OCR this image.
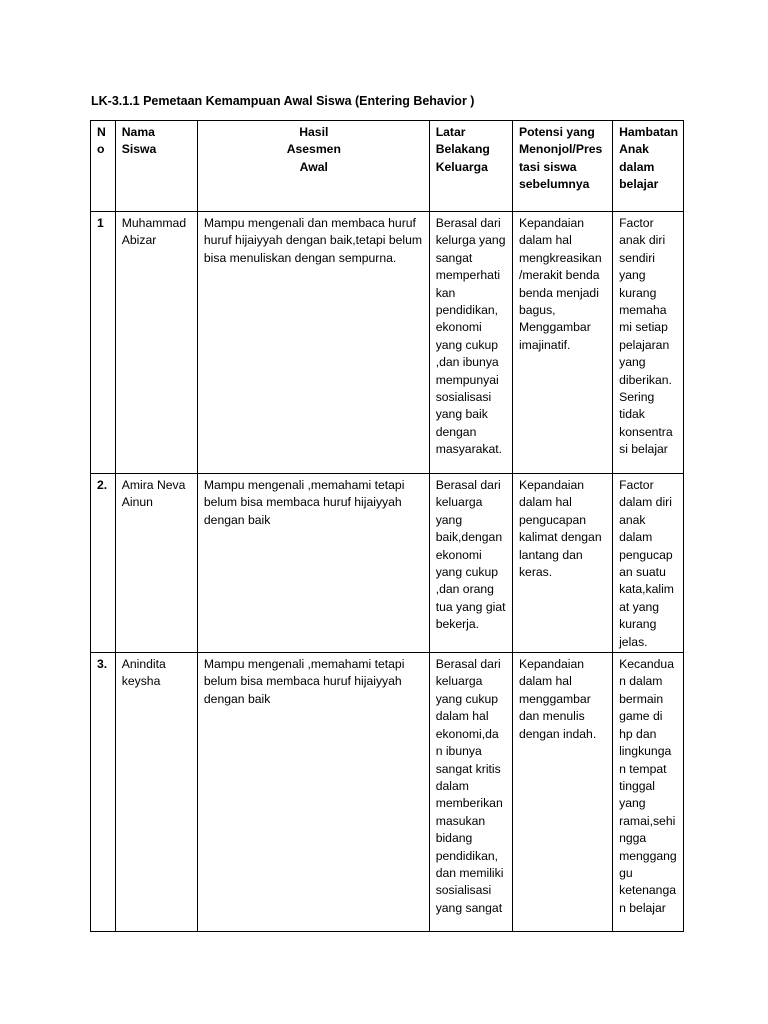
LK-3.1.1 Pemetaan Kemampuan Awal Siswa (Entering Behavior )
No	Nama Siswa	Hasil
Asesmen
Awal	Latar
Belakang
Keluarga	Potensi yang
Menonjol/Pres
tasi siswa
sebelumnya	Hambatan
Anak
dalam
belajar
1	Muhammad Abizar	Mampu mengenali dan membaca huruf huruf hijaiyyah dengan baik,tetapi belum bisa menuliskan dengan sempurna.	Berasal dari kelurga yang sangat memperhati kan pendidikan, ekonomi yang cukup ,dan ibunya mempunyai sosialisasi yang baik dengan masyarakat.	Kepandaian dalam hal mengkreasikan /merakit benda benda menjadi bagus, Menggambar imajinatif.	Factor anak diri sendiri yang kurang memaha mi setiap pelajaran yang diberikan. Sering tidak konsentra si belajar
2.	Amira Neva Ainun	Mampu mengenali ,memahami tetapi belum bisa membaca huruf hijaiyyah dengan baik	Berasal dari keluarga yang baik,dengan ekonomi yang cukup ,dan orang tua yang giat bekerja.	Kepandaian dalam hal pengucapan kalimat dengan lantang dan keras.	Factor dalam diri anak dalam pengucap an suatu kata,kalim at yang kurang jelas.
3.	Anindita keysha	Mampu mengenali ,memahami tetapi belum bisa membaca huruf hijaiyyah dengan baik	Berasal dari keluarga yang cukup dalam hal ekonomi,da n ibunya sangat kritis dalam memberikan masukan bidang pendidikan, dan memiliki sosialisasi yang sangat	Kepandaian dalam hal menggambar dan menulis dengan indah.	Kecandua n dalam bermain game di hp dan lingkunga n tempat tinggal yang ramai,sehi ngga menggang gu ketenanga n belajar
